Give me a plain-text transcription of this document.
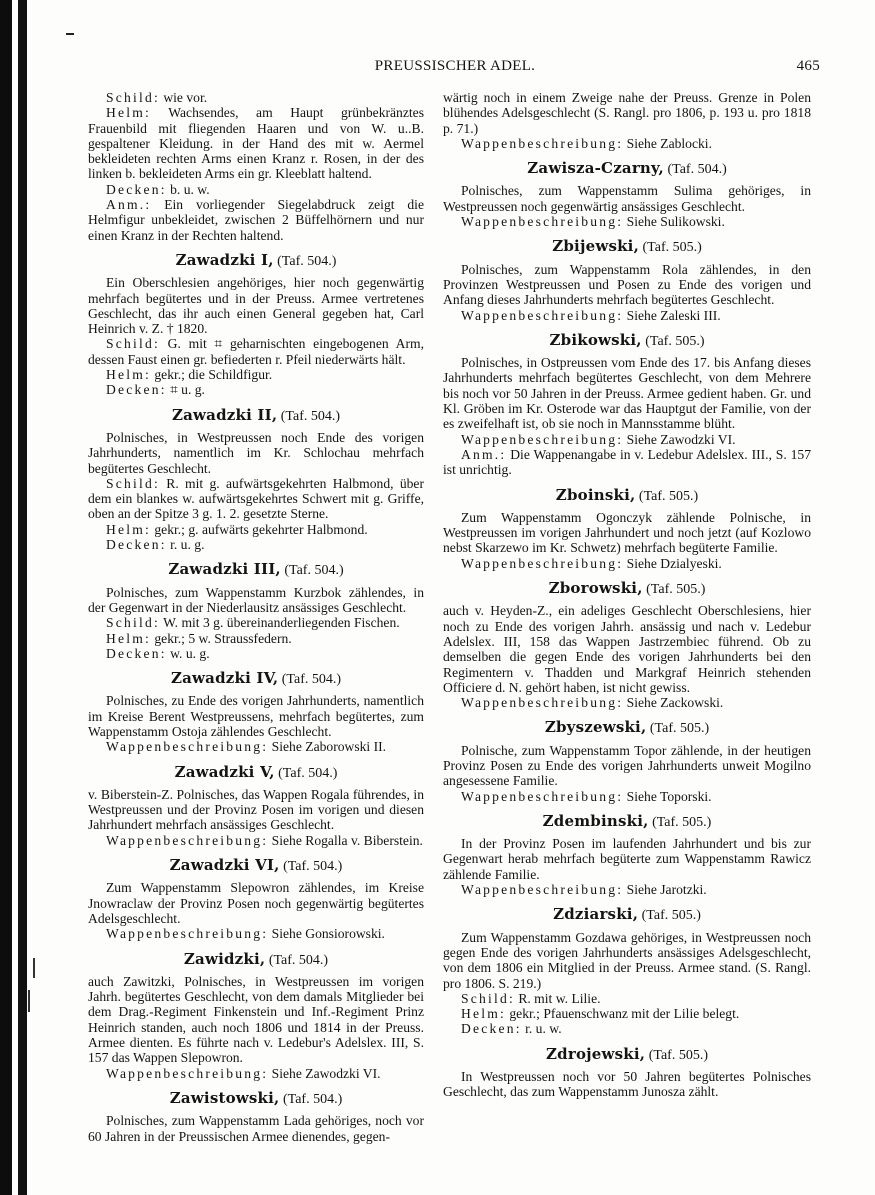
PREUSSISCHER ADEL.	465

Schild: wie vor.

Helm: Wachsendes, am Haupt grünbekränztes Frauenbild mit fliegenden Haaren und von W. u..B. gespaltener Kleidung. in der Hand des mit w. Aermel bekleideten rechten Arms einen Kranz r. Rosen, in der des linken b. bekleideten Arms ein gr. Kleeblatt haltend.

Decken: b. u. w.

Anm.: Ein vorliegender Siegelabdruck zeigt die Helmfigur unbekleidet, zwischen 2 Büffelhörnern und nur einen Kranz in der Rechten haltend.

Zawadzki I, (Taf. 504.)

Ein Oberschlesien angehöriges, hier noch gegenwärtig mehrfach begütertes und in der Preuss. Armee vertretenes Geschlecht, das ihr auch einen General gegeben hat, Carl Heinrich v. Z. † 1820.

Schild: G. mit ⌗ geharnischten eingebogenen Arm, dessen Faust einen gr. befiederten r. Pfeil niederwärts hält.

Helm: gekr.; die Schildfigur.

Decken: ⌗ u. g.

Zawadzki II, (Taf. 504.)

Polnisches, in Westpreussen noch Ende des vorigen Jahrhunderts, namentlich im Kr. Schlochau mehrfach begütertes Geschlecht.

Schild: R. mit g. aufwärtsgekehrten Halbmond, über dem ein blankes w. aufwärtsgekehrtes Schwert mit g. Griffe, oben an der Spitze 3 g. 1. 2. gesetzte Sterne.

Helm: gekr.; g. aufwärts gekehrter Halbmond.

Decken: r. u. g.

Zawadzki III, (Taf. 504.)

Polnisches, zum Wappenstamm Kurzbok zählendes, in der Gegenwart in der Niederlausitz ansässiges Geschlecht.

Schild: W. mit 3 g. übereinanderliegenden Fischen.

Helm: gekr.; 5 w. Straussfedern.

Decken: w. u. g.

Zawadzki IV, (Taf. 504.)

Polnisches, zu Ende des vorigen Jahrhunderts, namentlich im Kreise Berent Westpreussens, mehrfach begütertes, zum Wappenstamm Ostoja zählendes Geschlecht.

Wappenbeschreibung: Siehe Zaborowski II.

Zawadzki V, (Taf. 504.)

v. Biberstein-Z. Polnisches, das Wappen Rogala führendes, in Westpreussen und der Provinz Posen im vorigen und diesen Jahrhundert mehrfach ansässiges Geschlecht.

Wappenbeschreibung: Siehe Rogalla v. Biberstein.

Zawadzki VI, (Taf. 504.)

Zum Wappenstamm Slepowron zählendes, im Kreise Jnowraclaw der Provinz Posen noch gegenwärtig begütertes Adelsgeschlecht.

Wappenbeschreibung: Siehe Gonsiorowski.

Zawidzki, (Taf. 504.)

auch Zawitzki, Polnisches, in Westpreussen im vorigen Jahrh. begütertes Geschlecht, von dem damals Mitglieder bei dem Drag.-Regiment Finkenstein und Inf.-Regiment Prinz Heinrich standen, auch noch 1806 und 1814 in der Preuss. Armee dienten. Es führte nach v. Ledebur's Adelslex. III, S. 157 das Wappen Slepowron.

Wappenbeschreibung: Siehe Zawodzki VI.

Zawistowski, (Taf. 504.)

Polnisches, zum Wappenstamm Lada gehöriges, noch vor 60 Jahren in der Preussischen Armee dienendes, gegen-

wärtig noch in einem Zweige nahe der Preuss. Grenze in Polen blühendes Adelsgeschlecht (S. Rangl. pro 1806, p. 193 u. pro 1818 p. 71.)

Wappenbeschreibung: Siehe Zablocki.

Zawisza-Czarny, (Taf. 504.)

Polnisches, zum Wappenstamm Sulima gehöriges, in Westpreussen noch gegenwärtig ansässiges Geschlecht.

Wappenbeschreibung: Siehe Sulikowski.

Zbijewski, (Taf. 505.)

Polnisches, zum Wappenstamm Rola zählendes, in den Provinzen Westpreussen und Posen zu Ende des vorigen und Anfang dieses Jahrhunderts mehrfach begütertes Geschlecht.

Wappenbeschreibung: Siehe Zaleski III.

Zbikowski, (Taf. 505.)

Polnisches, in Ostpreussen vom Ende des 17. bis Anfang dieses Jahrhunderts mehrfach begütertes Geschlecht, von dem Mehrere bis noch vor 50 Jahren in der Preuss. Armee gedient haben. Gr. und Kl. Gröben im Kr. Osterode war das Hauptgut der Familie, von der es zweifelhaft ist, ob sie noch in Mannsstamme blüht.

Wappenbeschreibung: Siehe Zawodzki VI.

Anm.: Die Wappenangabe in v. Ledebur Adelslex. III., S. 157 ist unrichtig.

Zboinski, (Taf. 505.)

Zum Wappenstamm Ogonczyk zählende Polnische, in Westpreussen im vorigen Jahrhundert und noch jetzt (auf Kozlowo nebst Skarzewo im Kr. Schwetz) mehrfach begüterte Familie.

Wappenbeschreibung: Siehe Dzialyeski.

Zborowski, (Taf. 505.)

auch v. Heyden-Z., ein adeliges Geschlecht Oberschlesiens, hier noch zu Ende des vorigen Jahrh. ansässig und nach v. Ledebur Adelslex. III, 158 das Wappen Jastrzembiec führend. Ob zu demselben die gegen Ende des vorigen Jahrhunderts bei den Regimentern v. Thadden und Markgraf Heinrich stehenden Officiere d. N. gehört haben, ist nicht gewiss.

Wappenbeschreibung: Siehe Zackowski.

Zbyszewski, (Taf. 505.)

Polnische, zum Wappenstamm Topor zählende, in der heutigen Provinz Posen zu Ende des vorigen Jahrhunderts unweit Mogilno angesessene Familie.

Wappenbeschreibung: Siehe Toporski.

Zdembinski, (Taf. 505.)

In der Provinz Posen im laufenden Jahrhundert und bis zur Gegenwart herab mehrfach begüterte zum Wappenstamm Rawicz zählende Familie.

Wappenbeschreibung: Siehe Jarotzki.

Zdziarski, (Taf. 505.)

Zum Wappenstamm Gozdawa gehöriges, in Westpreussen noch gegen Ende des vorigen Jahrhunderts ansässiges Adelsgeschlecht, von dem 1806 ein Mitglied in der Preuss. Armee stand. (S. Rangl. pro 1806. S. 219.)

Schild: R. mit w. Lilie.

Helm: gekr.; Pfauenschwanz mit der Lilie belegt.

Decken: r. u. w.

Zdrojewski, (Taf. 505.)

In Westpreussen noch vor 50 Jahren begütertes Polnisches Geschlecht, das zum Wappenstamm Junosza zählt.
